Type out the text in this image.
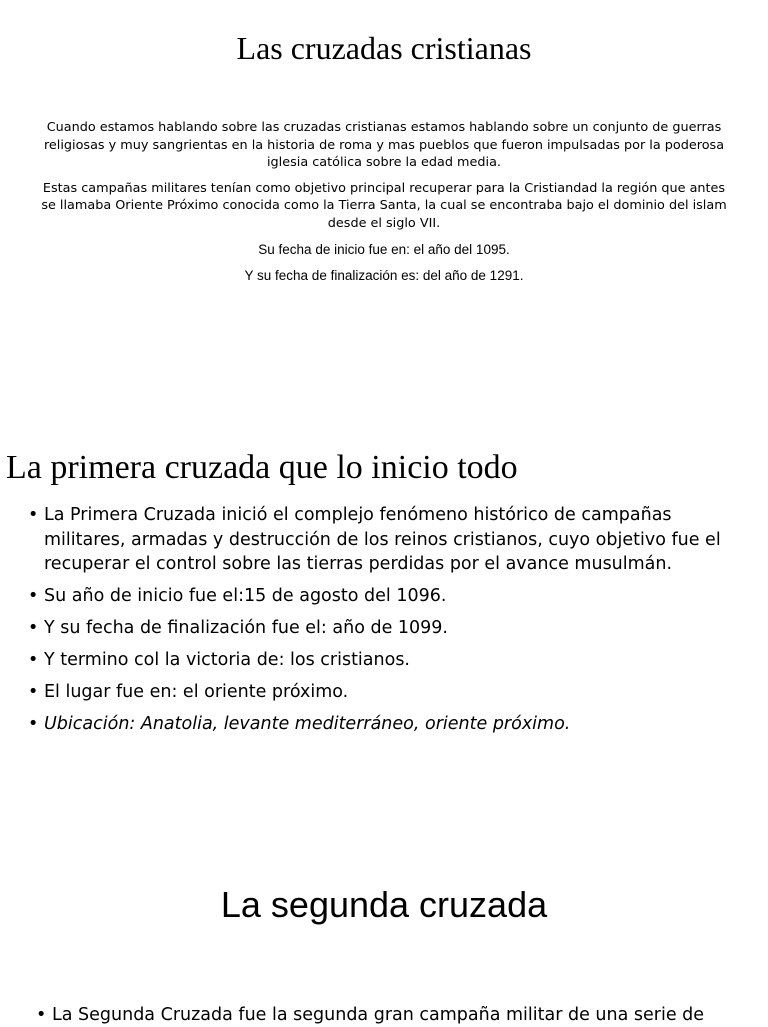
Las cruzadas cristianas

Cuando estamos hablando sobre las cruzadas cristianas estamos hablando sobre un conjunto de guerras religiosas y muy sangrientas en la historia de roma y mas pueblos que fueron impulsadas por la poderosa iglesia católica sobre la edad media.

Estas campañas militares tenían como objetivo principal recuperar para la Cristiandad la región que antes se llamaba Oriente Próximo conocida como la Tierra Santa, la cual se encontraba bajo el dominio del islam desde el siglo VII.

Su fecha de inicio fue en: el año del 1095.

Y su fecha de finalización es: del año de 1291.

La primera cruzada que lo inicio todo
• La Primera Cruzada inició el complejo fenómeno histórico de campañas militares, armadas y destrucción de los reinos cristianos, cuyo objetivo fue el recuperar el control sobre las tierras perdidas por el avance musulmán.
• Su año de inicio fue el:15 de agosto del 1096.
• Y su fecha de finalización fue el: año de 1099.
• Y termino col la victoria de: los cristianos.
• El lugar fue en: el oriente próximo.
• Ubicación: Anatolia, levante mediterráneo, oriente próximo.
La segunda cruzada
• La Segunda Cruzada fue la segunda gran campaña militar de una serie de
